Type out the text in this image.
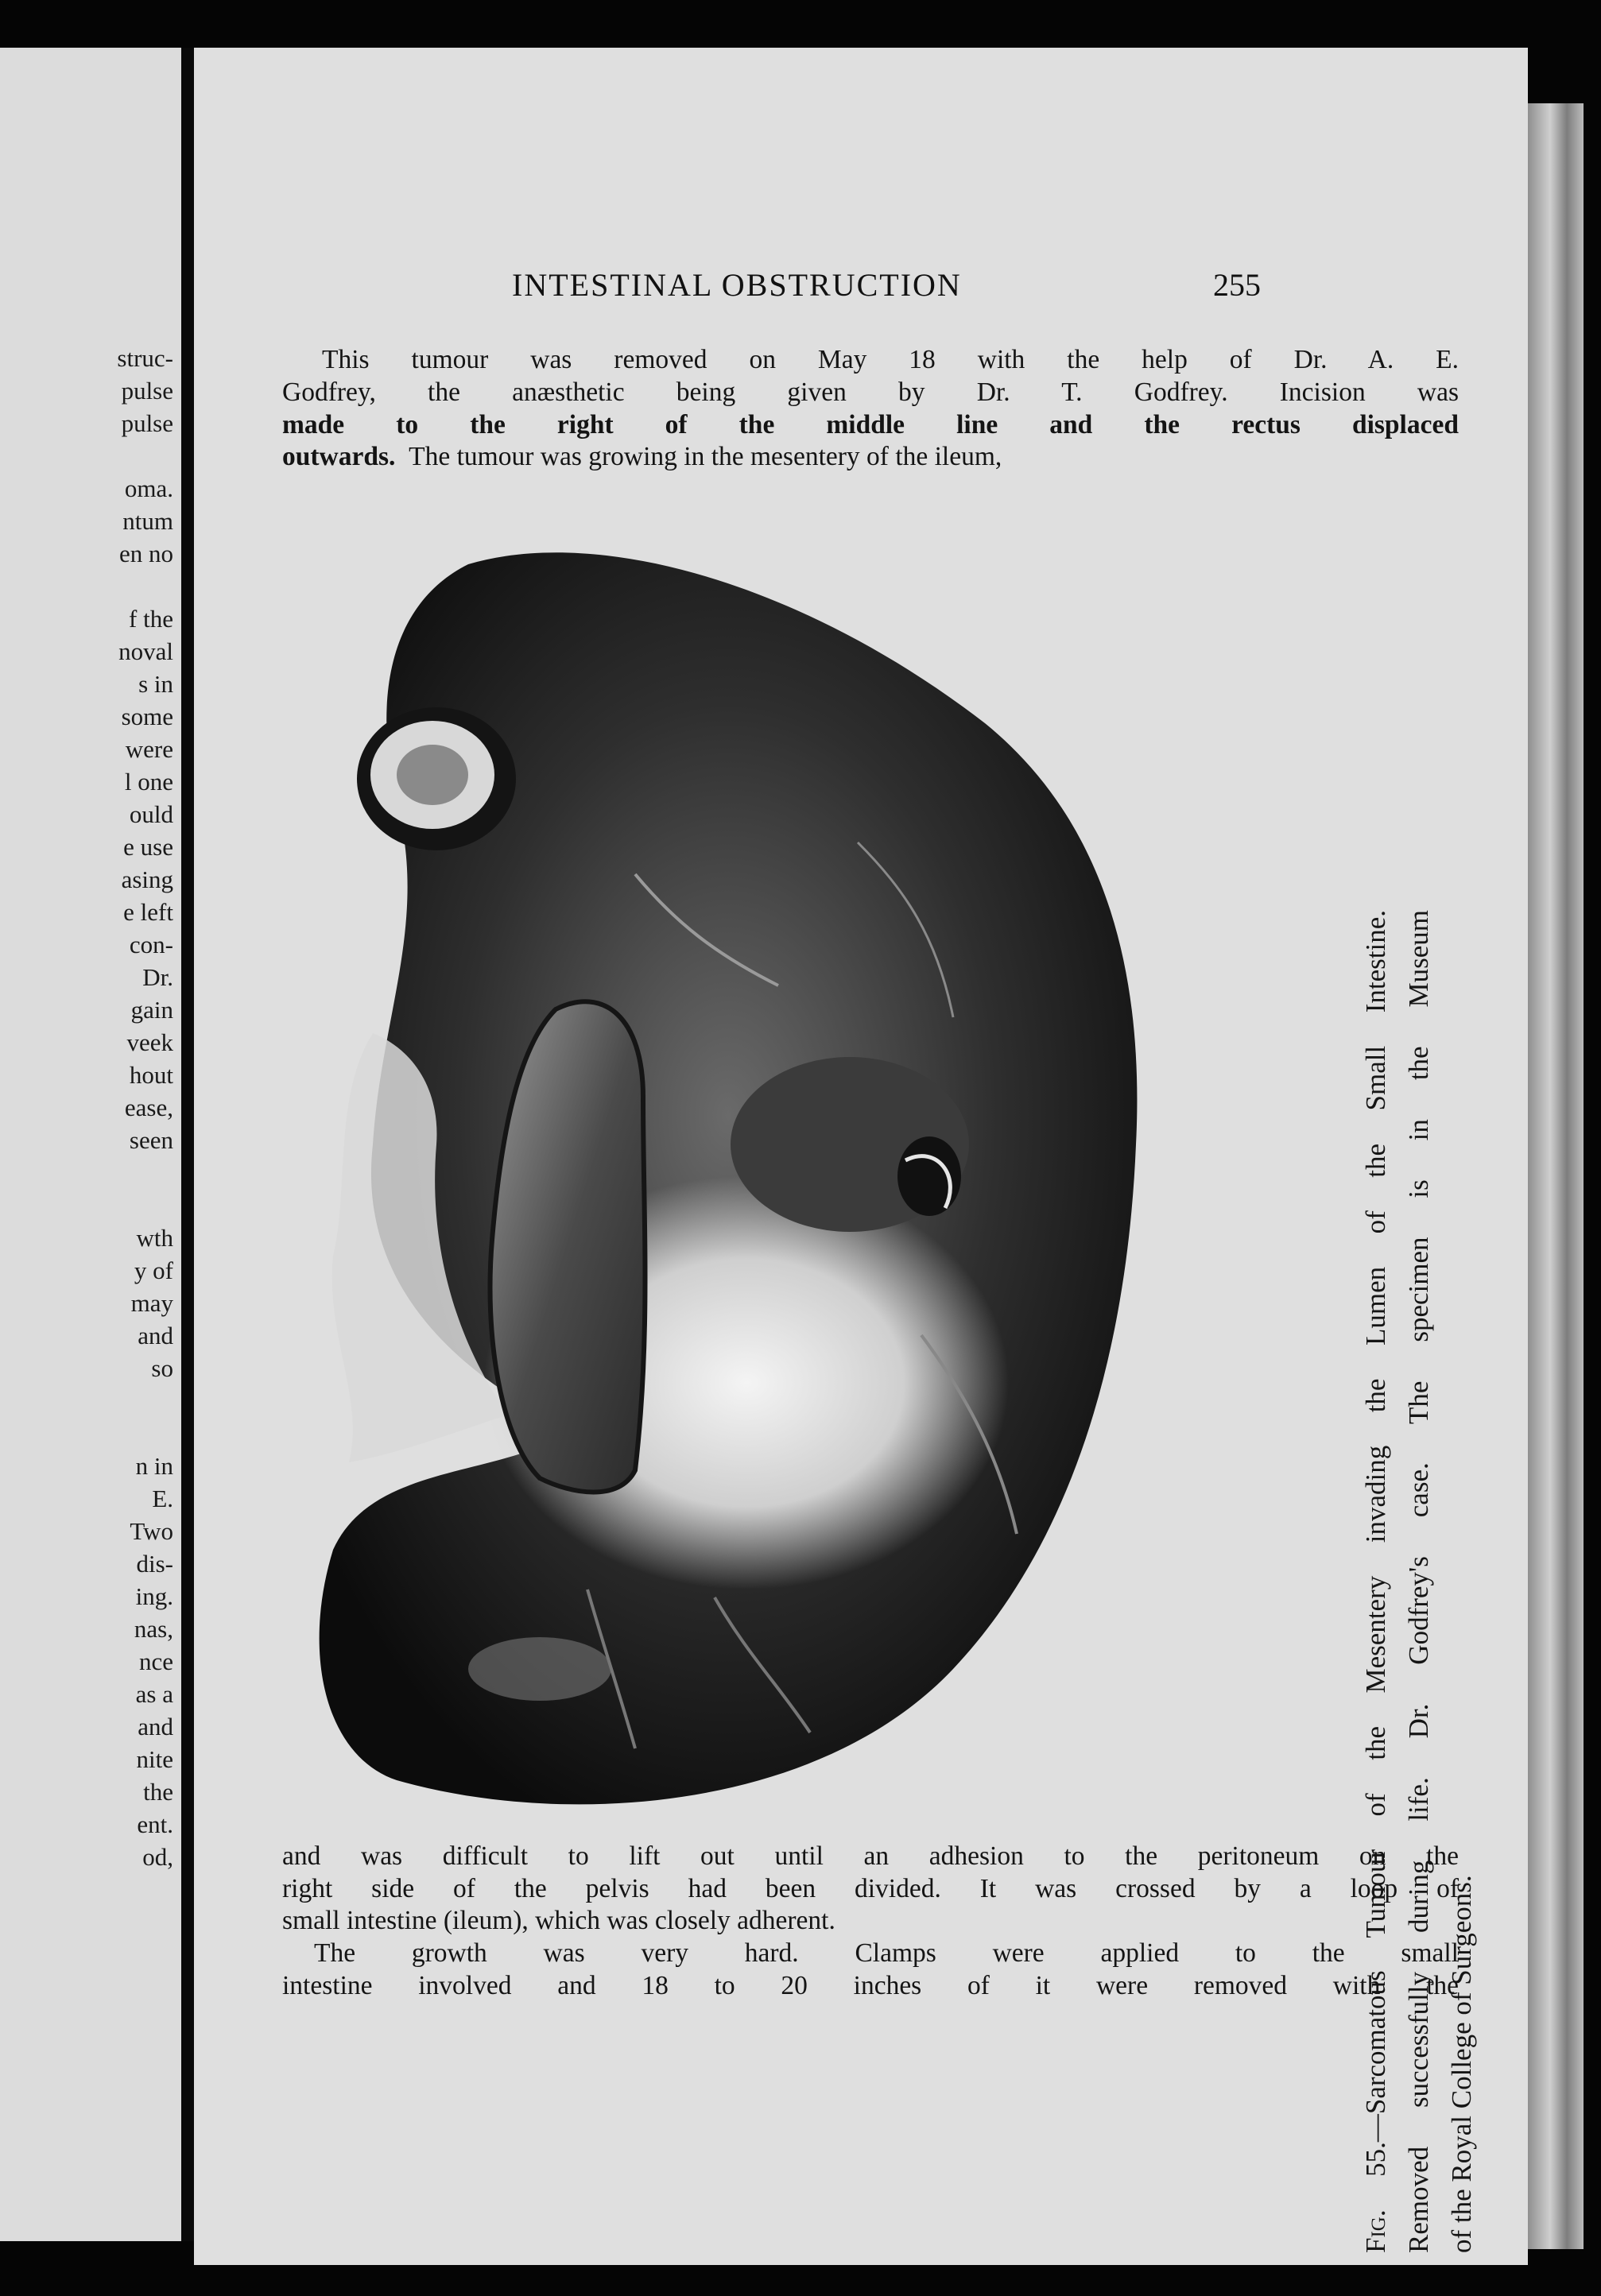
struc-
pulse
pulse
oma.
ntum
en no
f the
noval
s in
some
were
l one
ould
e use
asing
e left
con-
Dr.
gain
veek
hout
ease,
seen
wth
y of
may
and
so
n in
E.
Two
dis-
ing.
nas,
nce
as a
and
nite
the
ent.
od,
INTESTINAL OBSTRUCTION	255
This tumour was removed on May 18 with the help of Dr. A. E.
Godfrey, the anæsthetic being given by Dr. T. Godfrey. Incision was
made to the right of the middle line and the rectus displaced
outwards. The tumour was growing in the mesentery of the ileum,
Fig. 55.—Sarcomatous Tumour of the Mesentery invading the Lumen of the Small Intestine. Removed successfully during life. Dr. Godfrey's case. The specimen is in the Museum of the Royal College of Surgeons.
and was difficult to lift out until an adhesion to the peritoneum on the
right side of the pelvis had been divided. It was crossed by a loop of
small intestine (ileum), which was closely adherent.
The growth was very hard. Clamps were applied to the small
intestine involved and 18 to 20 inches of it were removed with the
